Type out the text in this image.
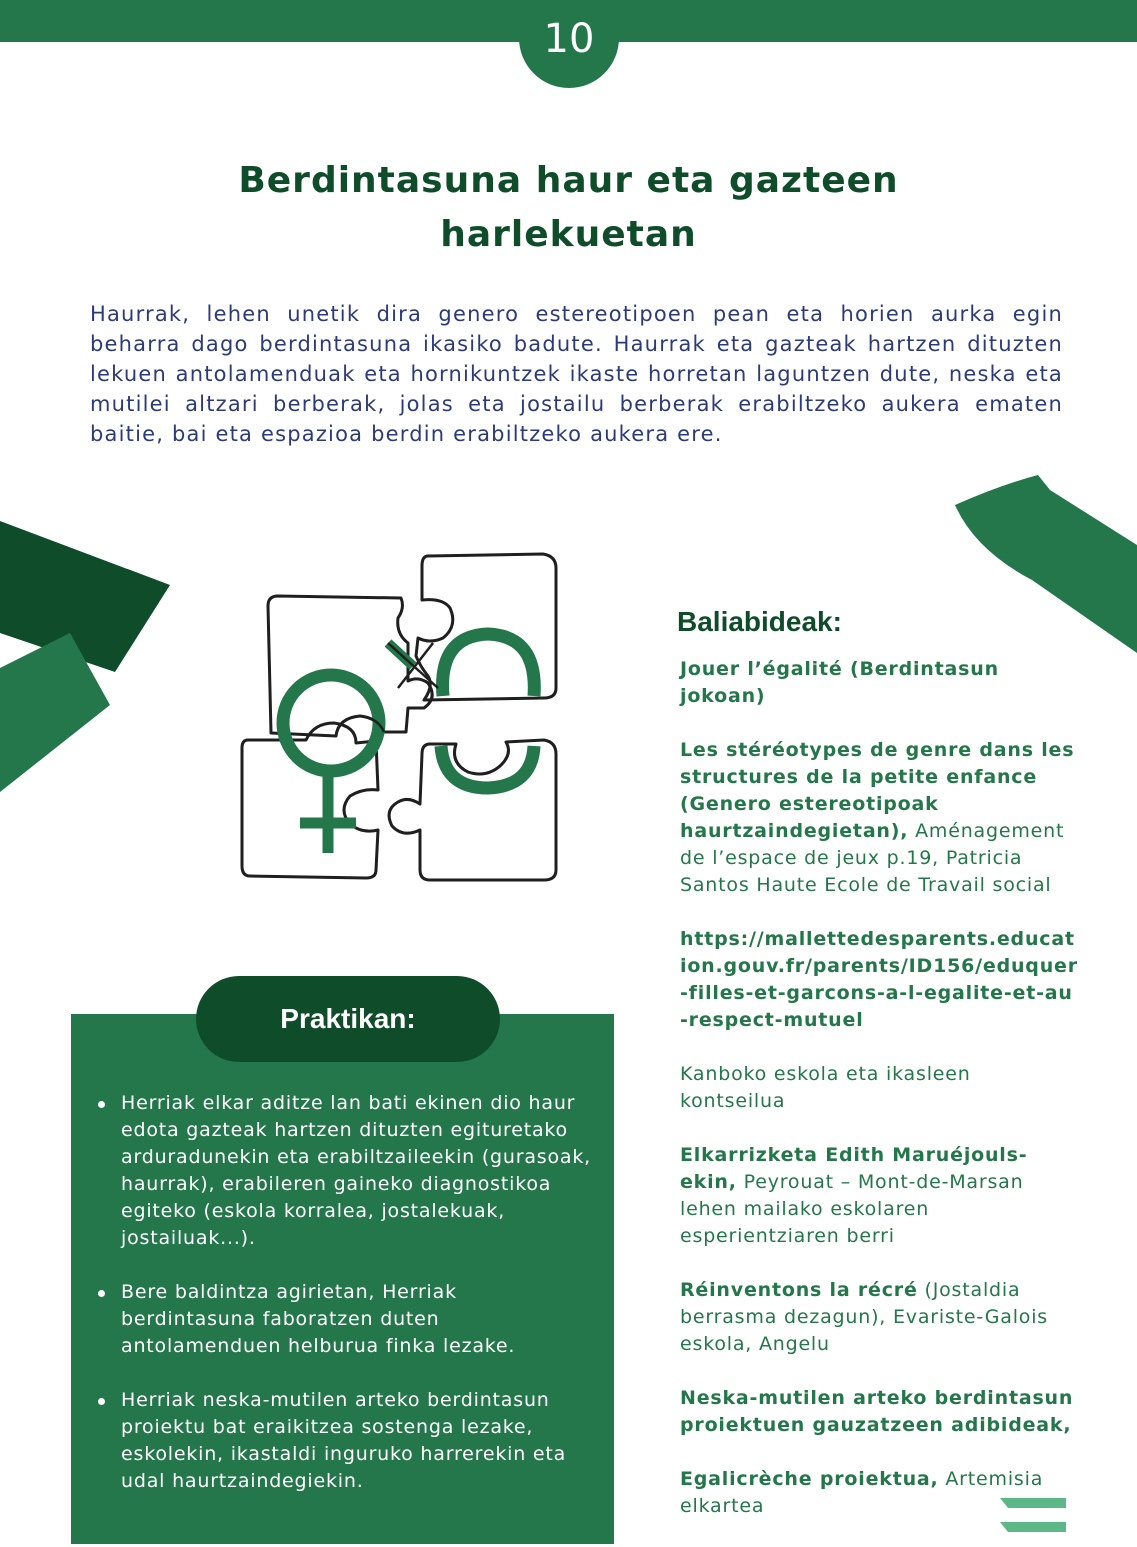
10
Berdintasuna haur eta gazteen
harlekuetan

Haurrak, lehen unetik dira genero estereotipoen pean eta horien aurka egin beharra dago berdintasuna ikasiko badute. Haurrak eta gazteak hartzen dituzten lekuen antolamenduak eta hornikuntzek ikaste horretan laguntzen dute, neska eta mutilei altzari berberak, jolas eta jostailu berberak erabiltzeko aukera ematen baitie, bai eta espazioa berdin erabiltzeko aukera ere.

Baliabideak:
Jouer l’égalité (Berdintasun jokoan)
Les stéréotypes de genre dans les structures de la petite enfance (Genero estereotipoak haurtzaindegietan), Aménagement de l’espace de jeux p.19, Patricia Santos Haute Ecole de Travail social
https://mallettedesparents.education.gouv.fr/parents/ID156/eduquer-filles-et-garcons-a-l-egalite-et-au-respect-mutuel
Kanboko eskola eta ikasleen kontseilua
Elkarrizketa Edith Maruéjouls-ekin, Peyrouat – Mont-de-Marsan lehen mailako eskolaren esperientziaren berri
Réinventons la récré (Jostaldia berrasma dezagun), Evariste-Galois eskola, Angelu
Neska-mutilen arteko berdintasun proiektuen gauzatzeen adibideak,
Egalicrèche proiektua, Artemisia elkartea
Praktikan:
Herriak elkar aditze lan bati ekinen dio haur edota gazteak hartzen dituzten egituretako arduradunekin eta erabiltzaileekin (gurasoak, haurrak), erabileren gaineko diagnostikoa egiteko (eskola korralea, jostalekuak, jostailuak...).
Bere baldintza agirietan, Herriak berdintasuna faboratzen duten antolamenduen helburua finka lezake.
Herriak neska-mutilen arteko berdintasun proiektu bat eraikitzea sostenga lezake, eskolekin, ikastaldi inguruko harrerekin eta udal haurtzaindegiekin.
